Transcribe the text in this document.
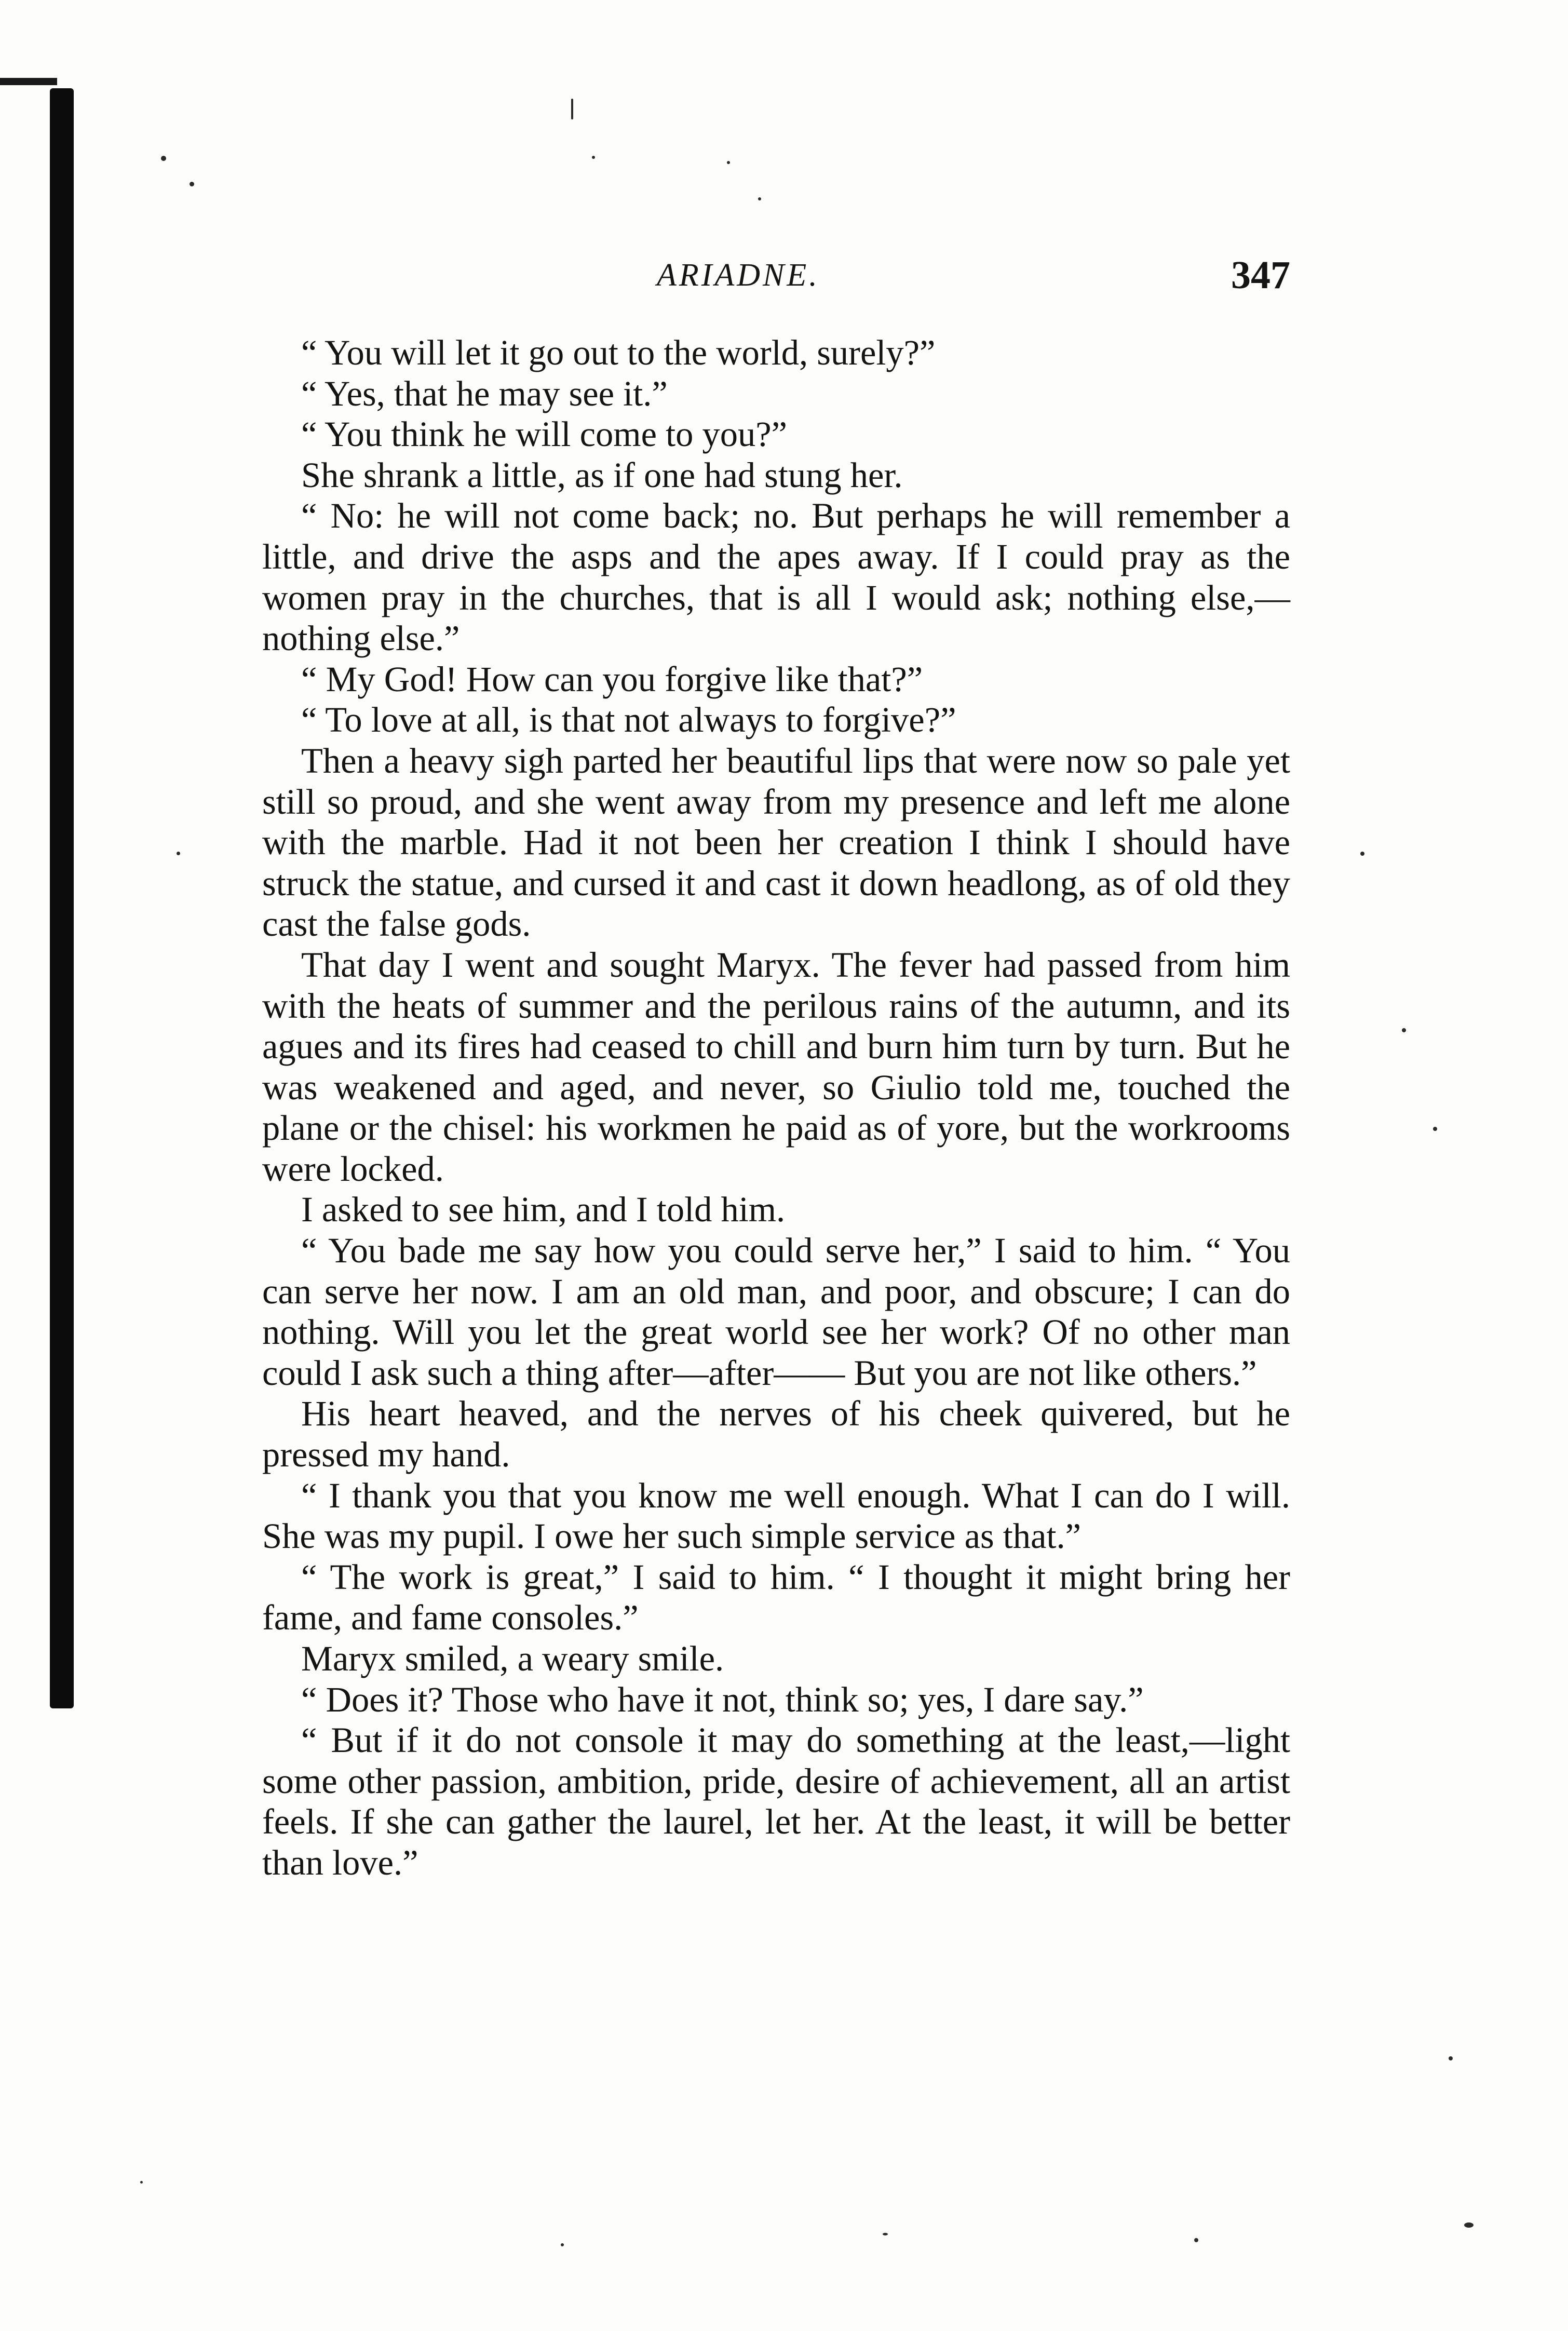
ARIADNE.	347

“ You will let it go out to the world, surely?”

“ Yes, that he may see it.”

“ You think he will come to you?”

She shrank a little, as if one had stung her.

“ No: he will not come back; no. But perhaps he will remember a little, and drive the asps and the apes away. If I could pray as the women pray in the churches, that is all I would ask; nothing else,—nothing else.”

“ My God! How can you forgive like that?”

“ To love at all, is that not always to forgive?”

Then a heavy sigh parted her beautiful lips that were now so pale yet still so proud, and she went away from my presence and left me alone with the marble. Had it not been her creation I think I should have struck the statue, and cursed it and cast it down headlong, as of old they cast the false gods.

That day I went and sought Maryx. The fever had passed from him with the heats of summer and the perilous rains of the autumn, and its agues and its fires had ceased to chill and burn him turn by turn. But he was weakened and aged, and never, so Giulio told me, touched the plane or the chisel: his workmen he paid as of yore, but the workrooms were locked.

I asked to see him, and I told him.

“ You bade me say how you could serve her,” I said to him. “ You can serve her now. I am an old man, and poor, and obscure; I can do nothing. Will you let the great world see her work? Of no other man could I ask such a thing after—after—— But you are not like others.”

His heart heaved, and the nerves of his cheek quivered, but he pressed my hand.

“ I thank you that you know me well enough. What I can do I will. She was my pupil. I owe her such simple service as that.”

“ The work is great,” I said to him. “ I thought it might bring her fame, and fame consoles.”

Maryx smiled, a weary smile.

“ Does it? Those who have it not, think so; yes, I dare say.”

“ But if it do not console it may do something at the least,—light some other passion, ambition, pride, desire of achievement, all an artist feels. If she can gather the laurel, let her. At the least, it will be better than love.”
